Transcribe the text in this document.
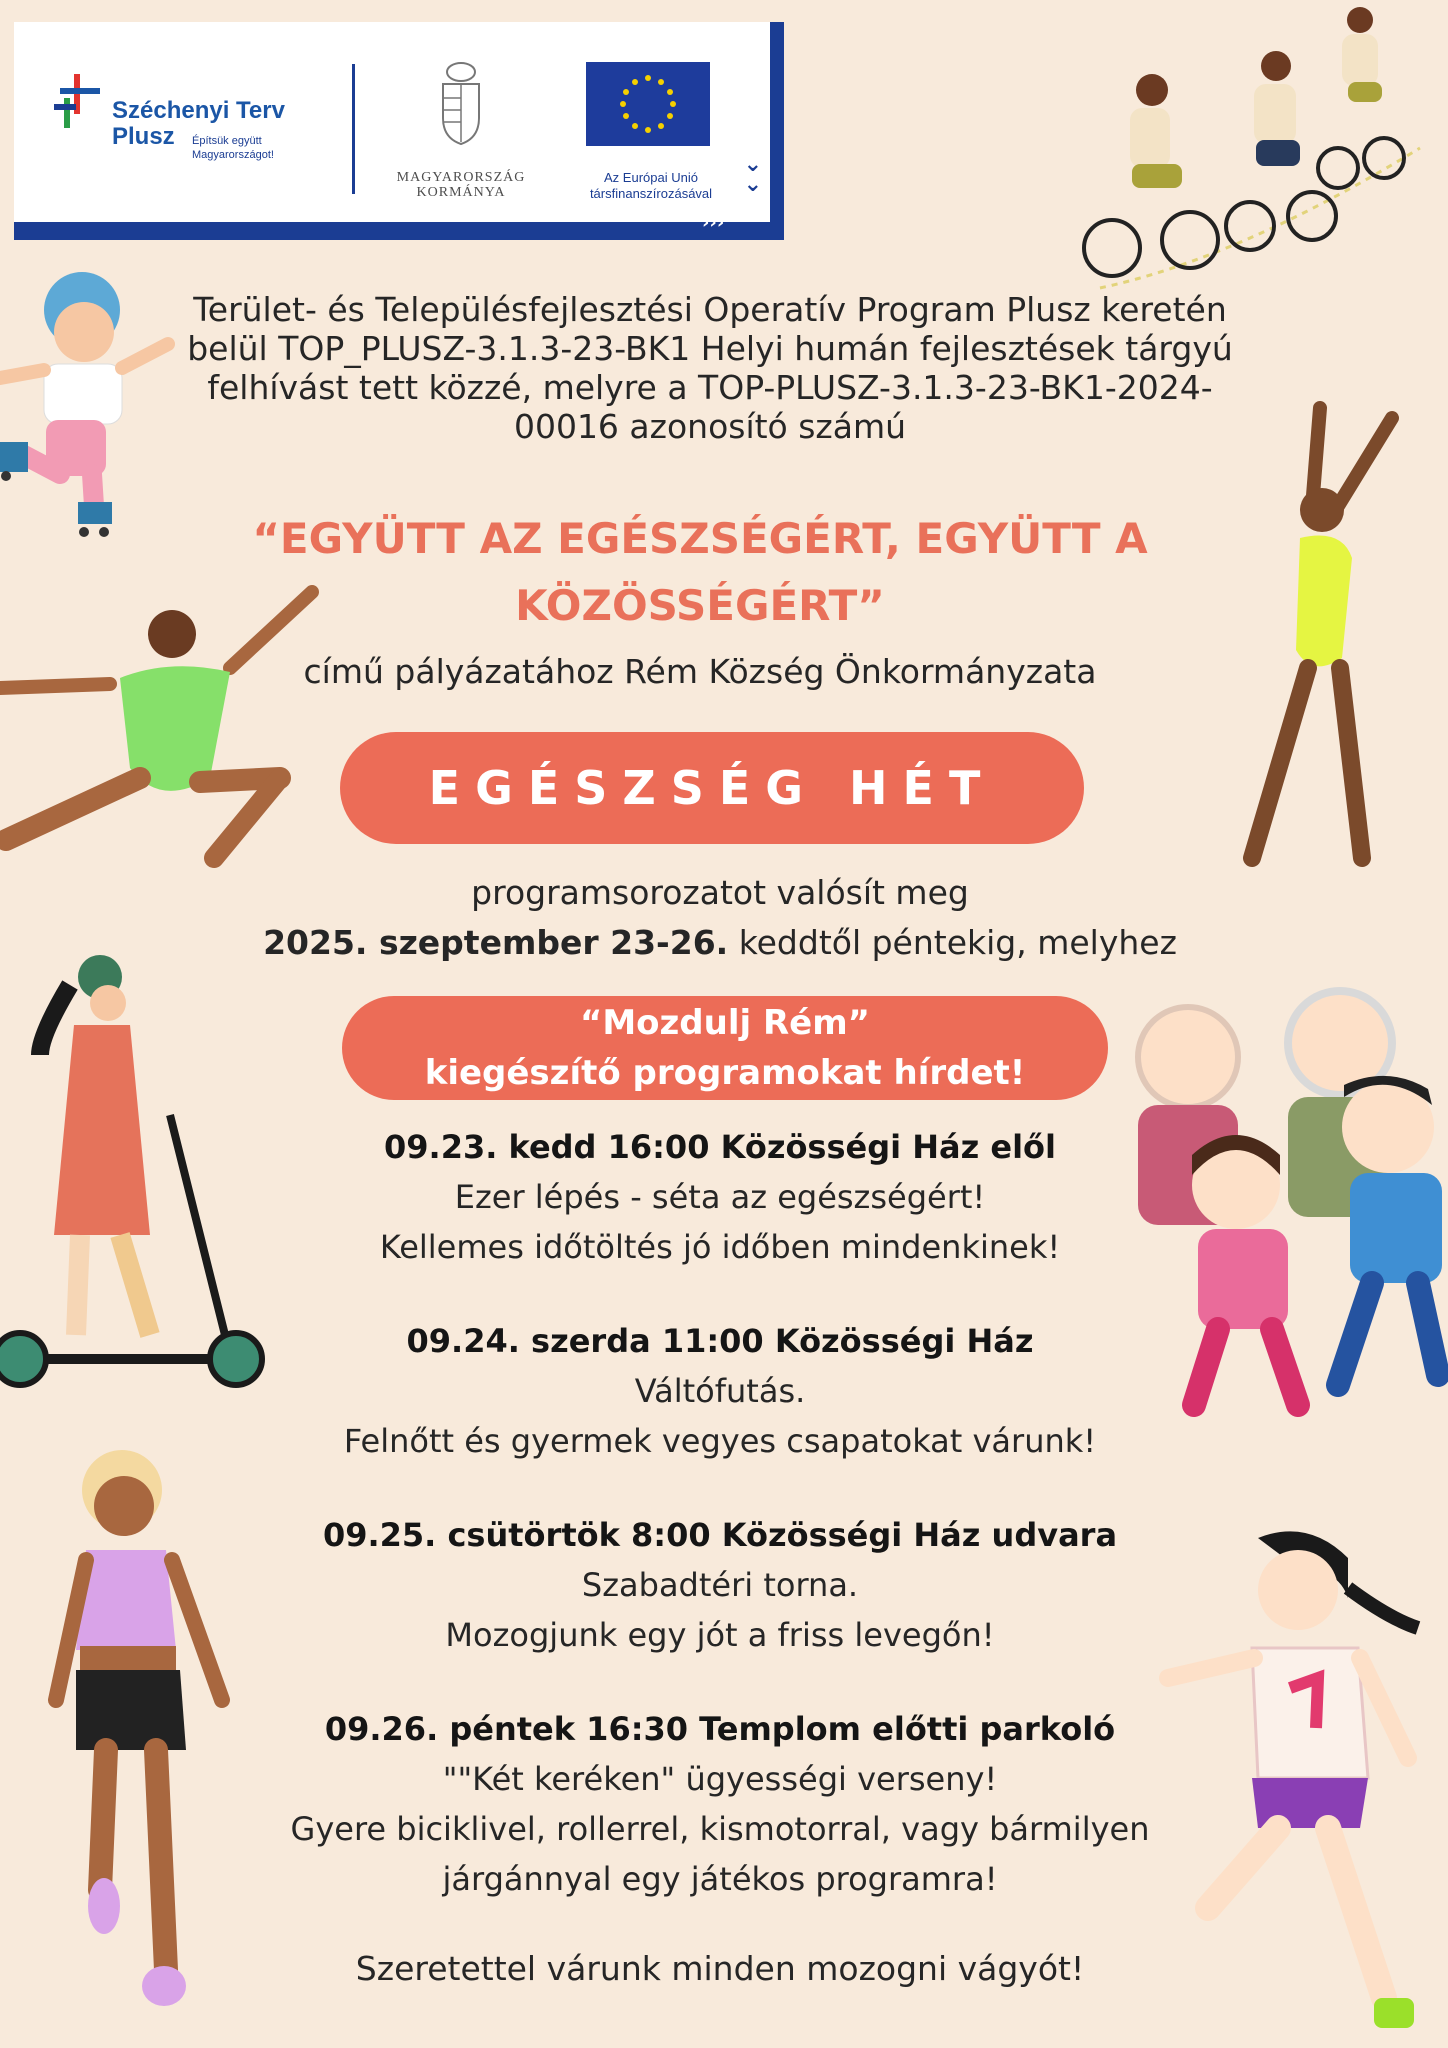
⌄
⌄
›››
Széchenyi Terv
Plusz	Építsük együtt
Magyarországot!
MAGYARORSZÁG
KORMÁNYA
Az Európai Unió
társfinanszírozásával
Terület- és Településfejlesztési Operatív Program Plusz keretén
belül TOP_PLUSZ-3.1.3-23-BK1 Helyi humán fejlesztések tárgyú
felhívást tett közzé, melyre a TOP-PLUSZ-3.1.3-23-BK1-2024-
00016 azonosító számú
“EGYÜTT AZ EGÉSZSÉGÉRT, EGYÜTT A
KÖZÖSSÉGÉRT”
című pályázatához Rém Község Önkormányzata
EGÉSZSÉG HÉT
programsorozatot valósít meg
2025. szeptember 23-26. keddtől péntekig, melyhez
“Mozdulj Rém”
kiegészítő programokat hírdet!
09.23. kedd 16:00 Közösségi Ház elől
Ezer lépés - séta az egészségért!
Kellemes időtöltés jó időben mindenkinek!
09.24. szerda 11:00 Közösségi Ház
Váltófutás.
Felnőtt és gyermek vegyes csapatokat várunk!
09.25. csütörtök 8:00 Közösségi Ház udvara
Szabadtéri torna.
Mozogjunk egy jót a friss levegőn!
09.26. péntek 16:30 Templom előtti parkoló
""Két keréken" ügyességi verseny!
Gyere biciklivel, rollerrel, kismotorral, vagy bármilyen
járgánnyal egy játékos programra!
Szeretettel várunk minden mozogni vágyót!
